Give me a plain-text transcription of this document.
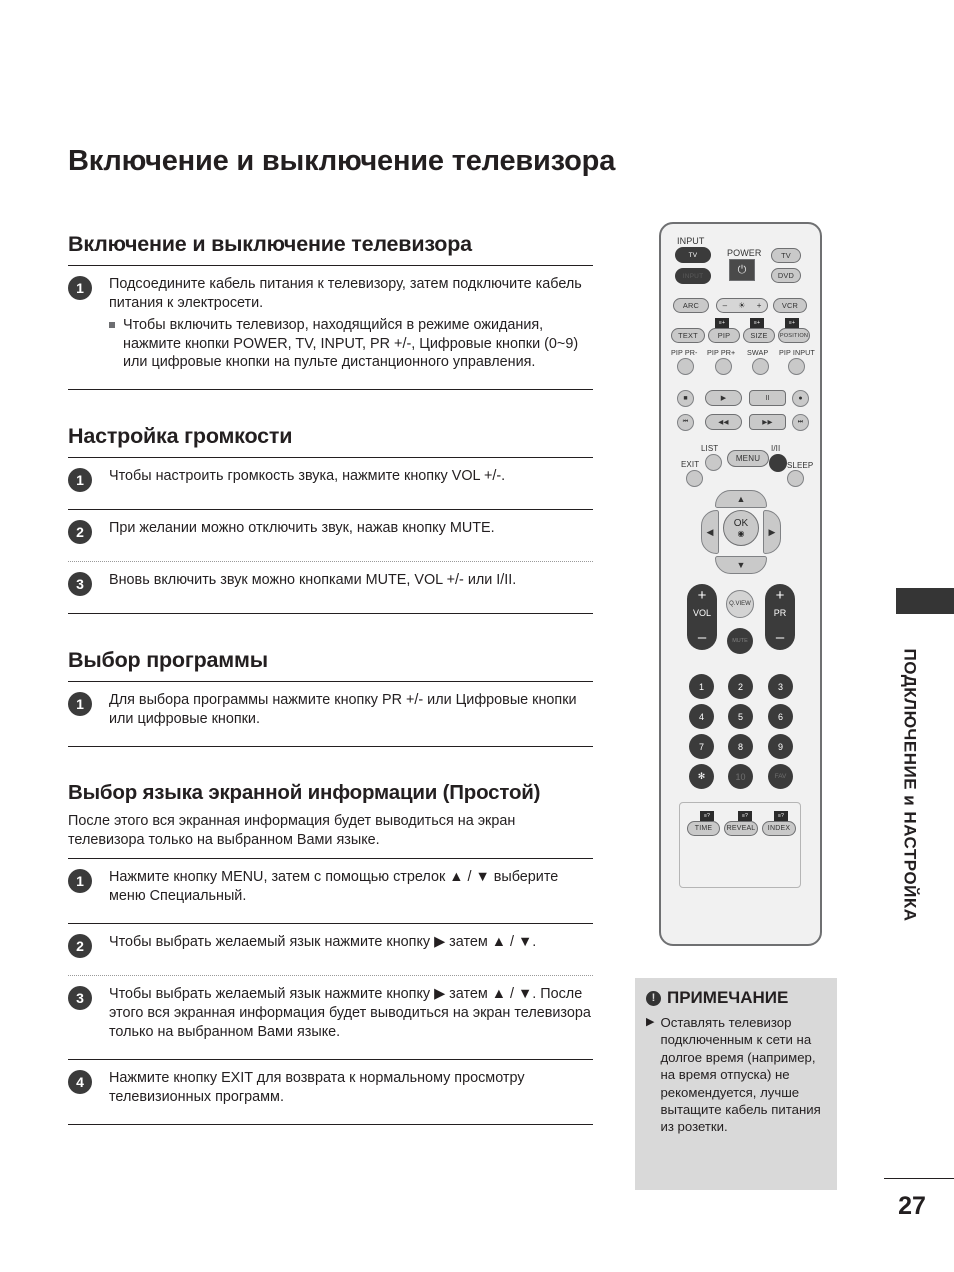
Включение и выключение телевизора
Включение и выключение телевизора
1	Подсоедините кабель питания к телевизору, затем подключите кабель питания к электросети.
Чтобы включить телевизор, находящийся в режиме ожидания, нажмите кнопки POWER, TV, INPUT, PR +/-, Цифровые кнопки (0~9) или цифровые кнопки на пульте дистанционного управления.
Настройка громкости
1	Чтобы настроить громкость звука, нажмите кнопку VOL +/-.
2	При желании можно отключить звук, нажав кнопку MUTE.
3	Вновь включить звук можно кнопками MUTE, VOL +/- или I/II.
Выбор программы
1	Для выбора программы нажмите кнопку PR +/- или Цифровые кнопки или цифровые кнопки.
Выбор языка экранной информации (Простой)
После этого вся экранная информация будет выводиться на экран телевизора только на выбранном Вами языке.
1	Нажмите кнопку MENU, затем с помощью стрелок ▲ / ▼ выберите меню Специальный.
2	Чтобы выбрать желаемый язык нажмите кнопку ▶ затем ▲ / ▼.
3	Чтобы выбрать желаемый язык нажмите кнопку ▶ затем ▲ / ▼. После этого вся экранная информация будет выводиться на экран телевизора только на выбранном Вами языке.
4	Нажмите кнопку EXIT для возврата к нормальному просмотру телевизионных программ.
INPUT
TV
INPUT
POWER
⏻
TV
DVD
ARC	– ☀ +	VCR
≡+	≡+	≡+
TEXT	PIP	SIZE	POSITION
PIP PR- PIP PR+ SWAP PIP INPUT
■	▶	II	●
⏮	◀◀	▶▶	⏭
LIST
EXIT
MENU
I/II
SLEEP
▲
◀	▶
▼
OK
◉
+
VOL
–
+
PR
–
Q.VIEW
MUTE
1	2	3
4	5	6
7	8	9
✻	10	FAV
≡?	≡?	≡?
TIME	REVEAL	INDEX	ПОДКЛЮЧЕНИЕ и НАСТРОЙКА
! ПРИМЕЧАНИЕ
▶ Оставлять телевизор подключенным к сети на долгое время (например, на время отпуска) не рекомендуется, лучше вытащите кабель питания из розетки.
27
